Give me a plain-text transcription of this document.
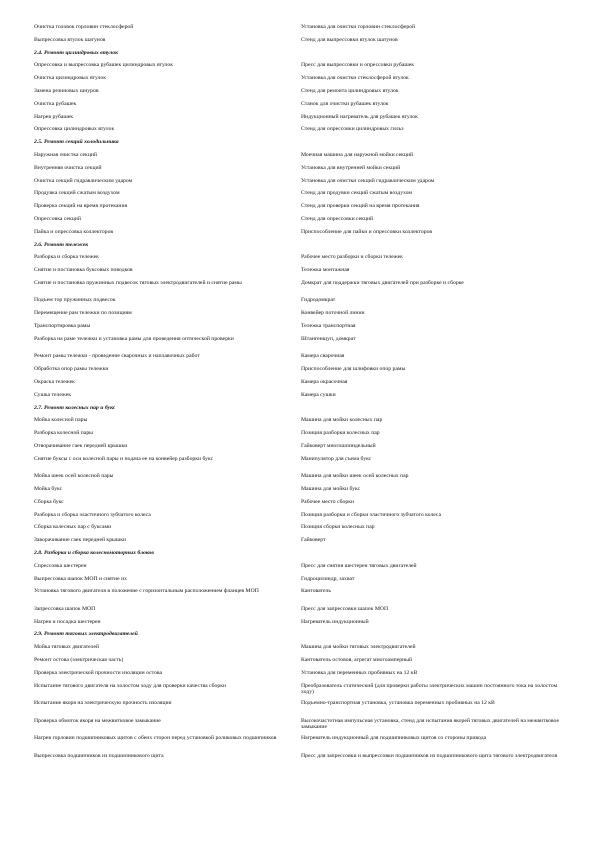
Очистка головок горловин стеклосферой	Установка для очистки горловин стеклосферой
Выпрессовка втулок шатунов	Стенд для выпрессовки втулок шатунов
2.4. Ремонт цилиндровых втулок
Опрессовка и выпрессовка рубашек цилиндровых втулок	Пресс для выпрессовки и опрессовки рубашек
Очистка цилиндровых втулок	Установка для очистки стеклосферой втулок
Замена резиновых шнуров	Стенд для ремонта цилиндровых втулок
Очистка рубашек	Станок для очистки рубашек втулок
Нагрев рубашек	Индукционный нагреватель для рубашек втулок
Опрессовка цилиндровых втулок	Стенд для опрессовки цилиндровых гильз
2.5. Ремонт секций холодильника
Наружная очистка секций	Моечная машина для наружной мойки секций
Внутренняя очистка секций	Установка для внутренней мойки секций
Очистка секций гидравлическим ударом	Установка для очистки секций гидравлическим ударом
Продувка секций сжатым воздухом	Стенд для продувки секций сжатым воздухом
Проверка секций на время протекания	Стенд для проверки секций на время протекания
Опрессовка секций	Стенд для опрессовки секций
Пайка и опрессовка коллекторов	Приспособление для пайки и опрессовки коллекторов
2.6. Ремонт тележек
Разборка и сборка тележек	Рабочее место разборки и сборки тележек
Снятие и постановка буксовых поводков	Тележка монтажная
Снятие и постановка пружинных подвесок тяговых электродвигателей и снятие рамы	Домкрат для поддержки тяговых двигателей при разборке и сборке
Подъем тор пружинных подвесок	Гидродомкрат
Перемещение рам тележки по позициям	Конвейер поточной линии
Транспортировка рамы	Тележка транспортная
Разборка на раме тележки и установка рамы для проведения оптической проверки	Штангенщуп, домкрат
Ремонт рамы тележки - проведение сварочных и наплавочных работ	Камера сварочная
Обработка опор рамы тележки	Приспособление для шлифовки опор рамы
Окраска тележек	Камера окрасочная
Сушка тележек	Камера сушки
2.7. Ремонт колесных пар и букс
Мойка колесной пары	Машина для мойки колесных пар
Разборка колесной пары	Позиция разборки колесных пар
Отворачивание гаек передней крышки	Гайковерт многошпиндельный
Снятие буксы с оси колесной пары и подача ее на конвейер разборки букс	Манипулятор для съема букс
Мойка шеек осей колесной пары	Машина для мойки шеек осей колесных пар
Мойка букс	Машина для мойки букс
Сборка букс	Рабочее место сборки
Разборка и сборка эластичного зубчатого колеса	Позиция разборки и сборки эластичного зубчатого колеса
Сборка колесных пар с буксами	Позиция сборки колесных пар
Заворачивание гаек передней крышки	Гайковерт
2.8. Разборка и сборка колесномоторных блоков
Спрессовка шестерен	Пресс для снятия шестерен тяговых двигателей
Выпрессовка шапок МОП и снятие их	Гидроцилиндр, захват
Установка тягового двигателя в положение с горизонтальным расположением фланцев МОП	Кантователь
Запрессовка шапок МОП	Пресс для запрессовки шапок МОП
Нагрев и посадка шестерен	Нагреватель индукционный
2.9. Ремонт тяговых электродвигателей
Мойка тяговых двигателей	Машина для мойки тяговых электродвигателей
Ремонт остова (электрическая часть)	Кантователь остовов, агрегат многоамперный
Проверка электрической прочности изоляции остова	Установка для переменных пробивных на 12 кВ
Испытание тягового двигателя на холостом ходу для проверки качества сборки	Преобразователь статический (для проверки работы электрических машин постоянного тока на холостом ходу)
Испытание якоря на электрическую прочность изоляции	Подъемно-транспортная установка, установка переменных пробивных на 12 кВ
Проверка обмоток якоря на межвитковое замыкание	Высокочастотная импульсная установка, стенд для испытания якорей тяговых двигателей на межвитковое замыкание
Нагрев горловин подшипниковых щитов с обеих сторон перед установкой роликовых подшипников	Нагреватель индукционный для подшипниковых щитов со стороны привода
Выпрессовка подшипников из подшипникового щита	Пресс для запрессовки и выпрессовки подшипников из подшипникового щита тягового электродвигателя
